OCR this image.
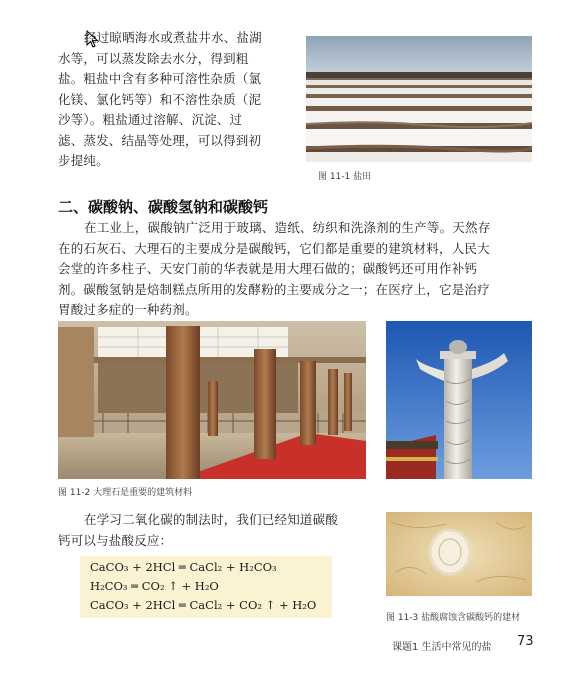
经过晾晒海水或煮盐井水、盐湖
水等，可以蒸发除去水分，得到粗
盐。粗盐中含有多种可溶性杂质（氯
化镁、氯化钙等）和不溶性杂质（泥
沙等）。粗盐通过溶解、沉淀、过
滤、蒸发、结晶等处理，可以得到初
步提纯。
图 11-1 盐田
二、碳酸钠、碳酸氢钠和碳酸钙
在工业上，碳酸钠广泛用于玻璃、造纸、纺织和洗涤剂的生产等。天然存
在的石灰石、大理石的主要成分是碳酸钙，它们都是重要的建筑材料，人民大
会堂的许多柱子、天安门前的华表就是用大理石做的；碳酸钙还可用作补钙
剂。碳酸氢钠是焙制糕点所用的发酵粉的主要成分之一；在医疗上，它是治疗
胃酸过多症的一种药剂。
图 11-2 大理石是重要的建筑材料
在学习二氧化碳的制法时，我们已经知道碳酸
钙可以与盐酸反应：
CaCO₃ + 2HCl ═ CaCl₂ + H₂CO₃
H₂CO₃ ═ CO₂ ↑ + H₂O
CaCO₃ + 2HCl ═ CaCl₂ + CO₂ ↑ + H₂O
图 11-3 盐酸腐蚀含碳酸钙的建材
课题1 生活中常见的盐 73
